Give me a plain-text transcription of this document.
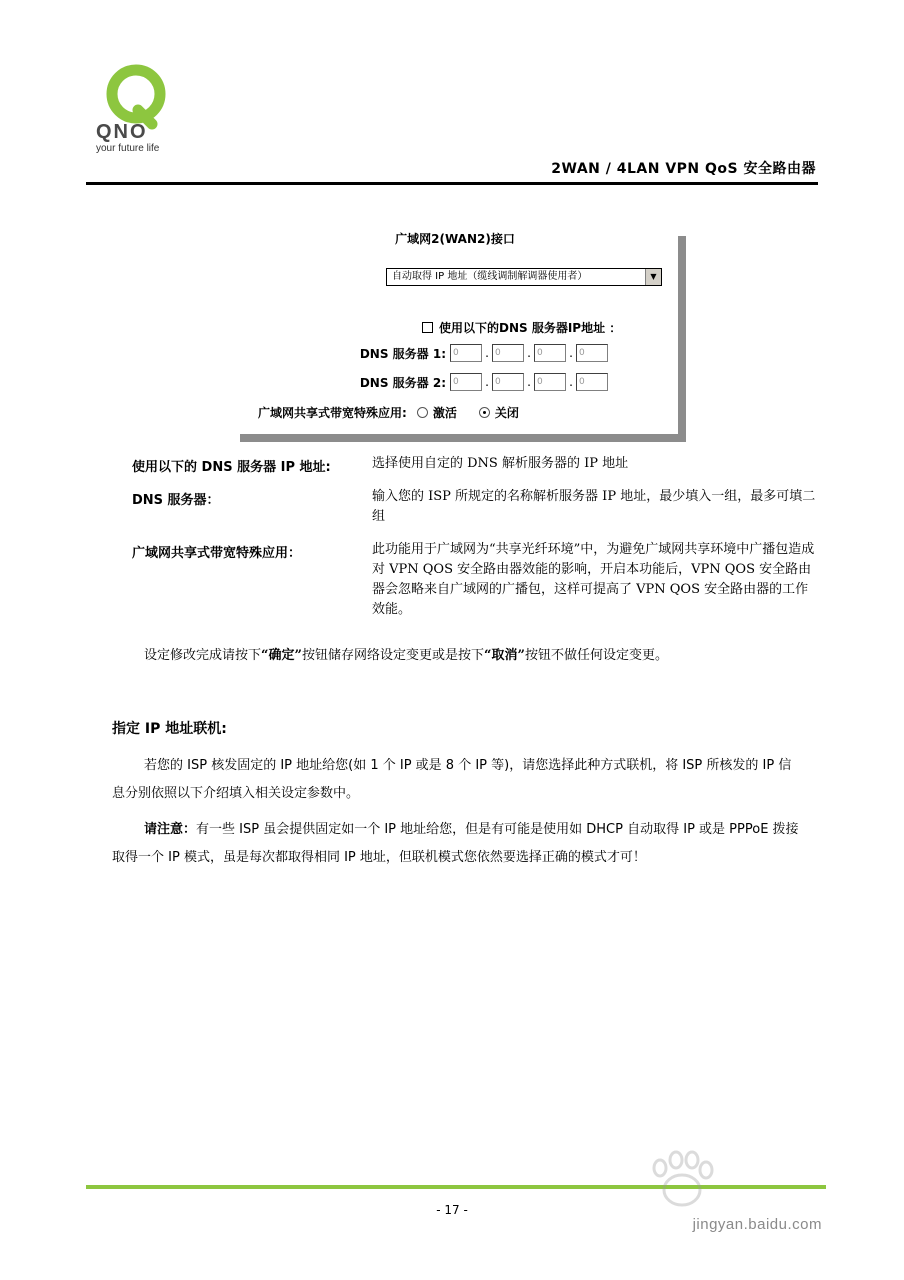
QNO
your future life
2WAN / 4LAN VPN QoS 安全路由器
广域网2(WAN2)接口
自动取得 IP 地址（缆线调制解调器使用者）	▼
使用以下的DNS 服务器IP地址 ：
DNS 服务器 1: 0	. 0	. 0	. 0
DNS 服务器 2: 0	. 0	. 0	. 0
广域网共享式带宽特殊应用: 激活	关闭
使用以下的 DNS 服务器 IP 地址:	选择使用自定的 DNS 解析服务器的 IP 地址
DNS 服务器：	输入您的 ISP 所规定的名称解析服务器 IP 地址，最少填入一组，最多可填二组
广域网共享式带宽特殊应用：	此功能用于广域网为“共享光纤环境”中，为避免广域网共享环境中广播包造成对 VPN QOS 安全路由器效能的影响，开启本功能后，VPN QOS 安全路由器会忽略来自广域网的广播包，这样可提高了 VPN QOS 安全路由器的工作效能。
设定修改完成请按下“确定”按钮储存网络设定变更或是按下“取消”按钮不做任何设定变更。
指定 IP 地址联机:
若您的 ISP 核发固定的 IP 地址给您(如 1 个 IP 或是 8 个 IP 等)，请您选择此种方式联机，将 ISP 所核发的 IP 信息分别依照以下介绍填入相关设定参数中。
请注意：有一些 ISP 虽会提供固定如一个 IP 地址给您，但是有可能是使用如 DHCP 自动取得 IP 或是 PPPoE 拨接取得一个 IP 模式，虽是每次都取得相同 IP 地址，但联机模式您依然要选择正确的模式才可！
- 17 -
jingyan.baidu.com
